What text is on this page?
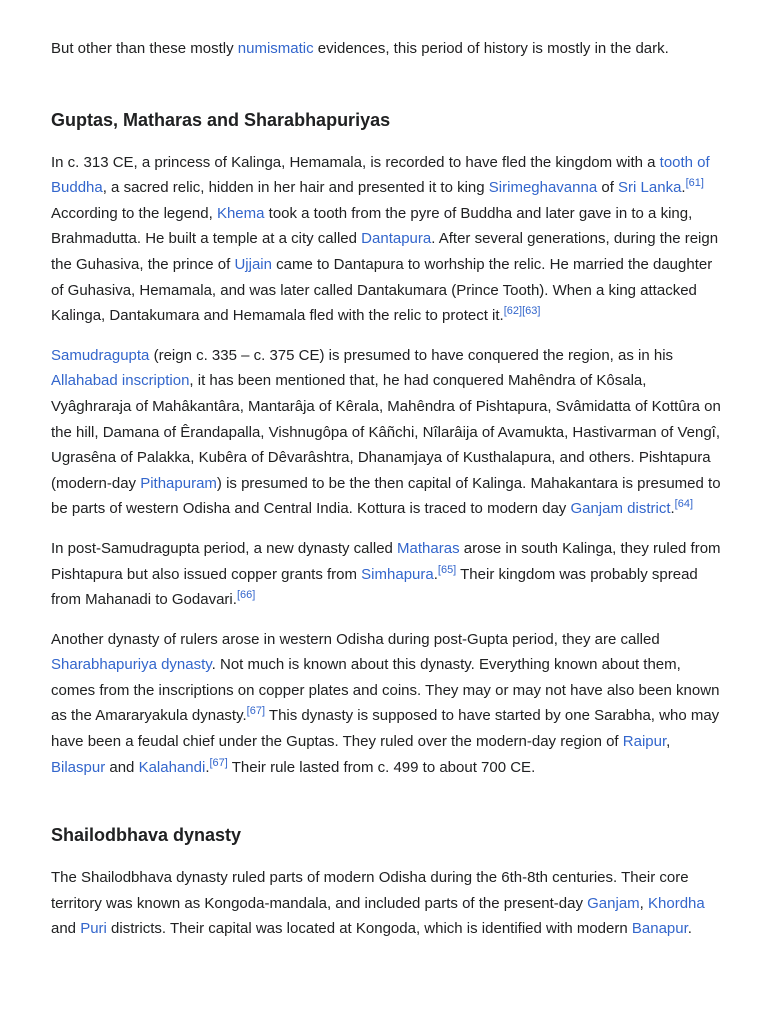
But other than these mostly numismatic evidences, this period of history is mostly in the dark.

Guptas, Matharas and Sharabhapuriyas

In c. 313 CE, a princess of Kalinga, Hemamala, is recorded to have fled the kingdom with a tooth of Buddha, a sacred relic, hidden in her hair and presented it to king Sirimeghavanna of Sri Lanka.[61] According to the legend, Khema took a tooth from the pyre of Buddha and later gave in to a king, Brahmadutta. He built a temple at a city called Dantapura. After several generations, during the reign the Guhasiva, the prince of Ujjain came to Dantapura to worhship the relic. He married the daughter of Guhasiva, Hemamala, and was later called Dantakumara (Prince Tooth). When a king attacked Kalinga, Dantakumara and Hemamala fled with the relic to protect it.[62][63]

Samudragupta (reign c. 335 – c. 375 CE) is presumed to have conquered the region, as in his Allahabad inscription, it has been mentioned that, he had conquered Mahêndra of Kôsala, Vyâghraraja of Mahâkantâra, Mantarâja of Kêrala, Mahêndra of Pishtapura, Svâmidatta of Kottûra on the hill, Damana of Êrandapalla, Vishnugôpa of Kâñchi, Nîlarâija of Avamukta, Hastivarman of Vengî, Ugrasêna of Palakka, Kubêra of Dêvarâshtra, Dhanamjaya of Kusthalapura, and others. Pishtapura (modern-day Pithapuram) is presumed to be the then capital of Kalinga. Mahakantara is presumed to be parts of western Odisha and Central India. Kottura is traced to modern day Ganjam district.[64]

In post-Samudragupta period, a new dynasty called Matharas arose in south Kalinga, they ruled from Pishtapura but also issued copper grants from Simhapura.[65] Their kingdom was probably spread from Mahanadi to Godavari.[66]

Another dynasty of rulers arose in western Odisha during post-Gupta period, they are called Sharabhapuriya dynasty. Not much is known about this dynasty. Everything known about them, comes from the inscriptions on copper plates and coins. They may or may not have also been known as the Amararyakula dynasty.[67] This dynasty is supposed to have started by one Sarabha, who may have been a feudal chief under the Guptas. They ruled over the modern-day region of Raipur, Bilaspur and Kalahandi.[67] Their rule lasted from c. 499 to about 700 CE.

Shailodbhava dynasty

The Shailodbhava dynasty ruled parts of modern Odisha during the 6th-8th centuries. Their core territory was known as Kongoda-mandala, and included parts of the present-day Ganjam, Khordha and Puri districts. Their capital was located at Kongoda, which is identified with modern Banapur.
